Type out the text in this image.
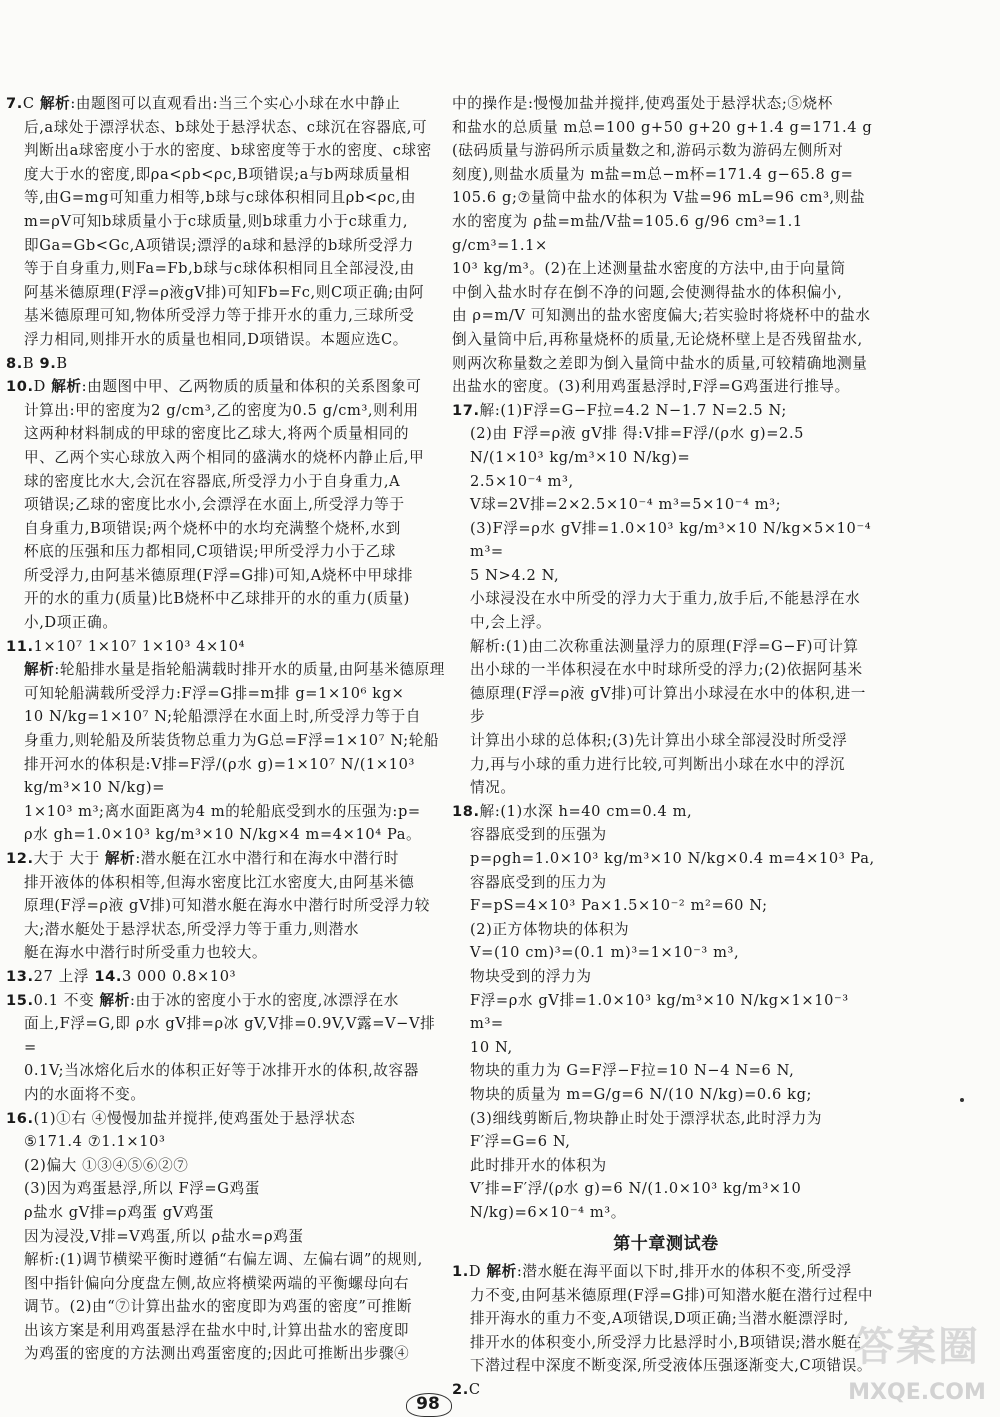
7.C 解析:由题图可以直观看出:当三个实心小球在水中静止
后,a球处于漂浮状态、b球处于悬浮状态、c球沉在容器底,可
判断出a球密度小于水的密度、b球密度等于水的密度、c球密
度大于水的密度,即ρa<ρb<ρc,B项错误;a与b两球质量相
等,由G=mg可知重力相等,b球与c球体积相同且ρb<ρc,由
m=ρV可知b球质量小于c球质量,则b球重力小于c球重力,
即Ga=Gb<Gc,A项错误;漂浮的a球和悬浮的b球所受浮力
等于自身重力,则Fa=Fb,b球与c球体积相同且全部浸没,由
阿基米德原理(F浮=ρ液gV排)可知Fb=Fc,则C项正确;由阿
基米德原理可知,物体所受浮力等于排开水的重力,三球所受
浮力相同,则排开水的质量也相同,D项错误。本题应选C。
8.B 9.B
10.D 解析:由题图中甲、乙两物质的质量和体积的关系图象可
计算出:甲的密度为2 g/cm³,乙的密度为0.5 g/cm³,则利用
这两种材料制成的甲球的密度比乙球大,将两个质量相同的
甲、乙两个实心球放入两个相同的盛满水的烧杯内静止后,甲
球的密度比水大,会沉在容器底,所受浮力小于自身重力,A
项错误;乙球的密度比水小,会漂浮在水面上,所受浮力等于
自身重力,B项错误;两个烧杯中的水均充满整个烧杯,水到
杯底的压强和压力都相同,C项错误;甲所受浮力小于乙球
所受浮力,由阿基米德原理(F浮=G排)可知,A烧杯中甲球排
开的水的重力(质量)比B烧杯中乙球排开的水的重力(质量)
小,D项正确。
11.1×10⁷ 1×10⁷ 1×10³ 4×10⁴
解析:轮船排水量是指轮船满载时排开水的质量,由阿基米德原理
可知轮船满载所受浮力:F浮=G排=m排 g=1×10⁶ kg×
10 N/kg=1×10⁷ N;轮船漂浮在水面上时,所受浮力等于自
身重力,则轮船及所装货物总重力为G总=F浮=1×10⁷ N;轮船
排开河水的体积是:V排=F浮/(ρ水 g)=1×10⁷ N/(1×10³ kg/m³×10 N/kg)=
1×10³ m³;离水面距离为4 m的轮船底受到水的压强为:p=
ρ水 gh=1.0×10³ kg/m³×10 N/kg×4 m=4×10⁴ Pa。
12.大于 大于 解析:潜水艇在江水中潜行和在海水中潜行时
排开液体的体积相等,但海水密度比江水密度大,由阿基米德
原理(F浮=ρ液 gV排)可知潜水艇在海水中潜行时所受浮力较
大;潜水艇处于悬浮状态,所受浮力等于重力,则潜水
艇在海水中潜行时所受重力也较大。
13.27 上浮 14.3 000 0.8×10³
15.0.1 不变 解析:由于冰的密度小于水的密度,冰漂浮在水
面上,F浮=G,即 ρ水 gV排=ρ冰 gV,V排=0.9V,V露=V−V排=
0.1V;当冰熔化后水的体积正好等于冰排开水的体积,故容器
内的水面将不变。
16.(1)①右 ④慢慢加盐并搅拌,使鸡蛋处于悬浮状态
⑤171.4 ⑦1.1×10³
(2)偏大 ①③④⑤⑥②⑦
(3)因为鸡蛋悬浮,所以 F浮=G鸡蛋
ρ盐水 gV排=ρ鸡蛋 gV鸡蛋
因为浸没,V排=V鸡蛋,所以 ρ盐水=ρ鸡蛋
解析:(1)调节横梁平衡时遵循“右偏左调、左偏右调”的规则,
图中指针偏向分度盘左侧,故应将横梁两端的平衡螺母向右
调节。(2)由“⑦计算出盐水的密度即为鸡蛋的密度”可推断
出该方案是利用鸡蛋悬浮在盐水中时,计算出盐水的密度即
为鸡蛋的密度的方法测出鸡蛋密度的;因此可推断出步骤④
中的操作是:慢慢加盐并搅拌,使鸡蛋处于悬浮状态;⑤烧杯
和盐水的总质量 m总=100 g+50 g+20 g+1.4 g=171.4 g
(砝码质量与游码所示质量数之和,游码示数为游码左侧所对
刻度),则盐水质量为 m盐=m总−m杯=171.4 g−65.8 g=
105.6 g;⑦量筒中盐水的体积为 V盐=96 mL=96 cm³,则盐
水的密度为 ρ盐=m盐/V盐=105.6 g/96 cm³=1.1 g/cm³=1.1×
10³ kg/m³。(2)在上述测量盐水密度的方法中,由于向量筒
中倒入盐水时存在倒不净的问题,会使测得盐水的体积偏小,
由 ρ=m/V 可知测出的盐水密度偏大;若实验时将烧杯中的盐水
倒入量筒中后,再称量烧杯的质量,无论烧杯壁上是否残留盐水,
则两次称量数之差即为倒入量筒中盐水的质量,可较精确地测量
出盐水的密度。(3)利用鸡蛋悬浮时,F浮=G鸡蛋进行推导。
17.解:(1)F浮=G−F拉=4.2 N−1.7 N=2.5 N;
(2)由 F浮=ρ液 gV排 得:V排=F浮/(ρ水 g)=2.5 N/(1×10³ kg/m³×10 N/kg)=
2.5×10⁻⁴ m³,
V球=2V排=2×2.5×10⁻⁴ m³=5×10⁻⁴ m³;
(3)F浮=ρ水 gV排=1.0×10³ kg/m³×10 N/kg×5×10⁻⁴ m³=
5 N>4.2 N,
小球浸没在水中所受的浮力大于重力,放手后,不能悬浮在水
中,会上浮。
解析:(1)由二次称重法测量浮力的原理(F浮=G−F)可计算
出小球的一半体积浸在水中时球所受的浮力;(2)依据阿基米
德原理(F浮=ρ液 gV排)可计算出小球浸在水中的体积,进一步
计算出小球的总体积;(3)先计算出小球全部浸没时所受浮
力,再与小球的重力进行比较,可判断出小球在水中的浮沉
情况。
18.解:(1)水深 h=40 cm=0.4 m,
容器底受到的压强为
p=ρgh=1.0×10³ kg/m³×10 N/kg×0.4 m=4×10³ Pa,
容器底受到的压力为
F=pS=4×10³ Pa×1.5×10⁻² m²=60 N;
(2)正方体物块的体积为
V=(10 cm)³=(0.1 m)³=1×10⁻³ m³,
物块受到的浮力为
F浮=ρ水 gV排=1.0×10³ kg/m³×10 N/kg×1×10⁻³ m³=
10 N,
物块的重力为 G=F浮−F拉=10 N−4 N=6 N,
物块的质量为 m=G/g=6 N/(10 N/kg)=0.6 kg;
(3)细线剪断后,物块静止时处于漂浮状态,此时浮力为
F′浮=G=6 N,
此时排开水的体积为
V′排=F′浮/(ρ水 g)=6 N/(1.0×10³ kg/m³×10 N/kg)=6×10⁻⁴ m³。
第十章测试卷
1.D 解析:潜水艇在海平面以下时,排开水的体积不变,所受浮
力不变,由阿基米德原理(F浮=G排)可知潜水艇在潜行过程中
排开海水的重力不变,A项错误,D项正确;当潜水艇漂浮时,
排开水的体积变小,所受浮力比悬浮时小,B项错误;潜水艇在
下潜过程中深度不断变深,所受液体压强逐渐变大,C项错误。
2.C
98
答案圈
MXQE.COM
